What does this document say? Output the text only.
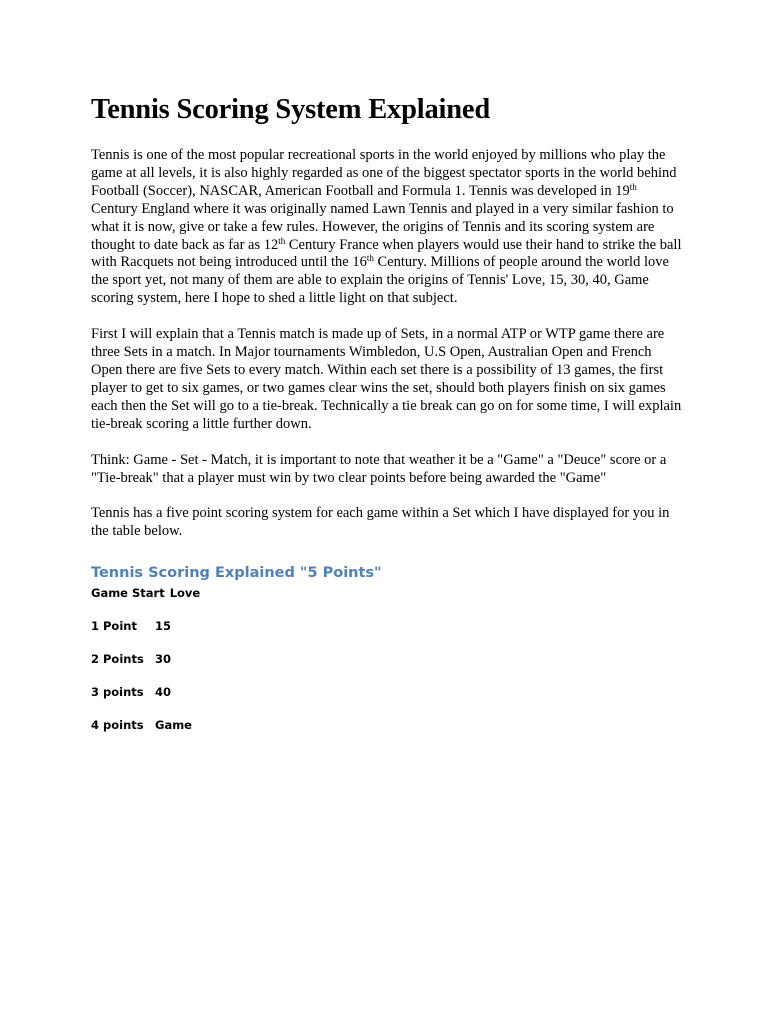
Tennis Scoring System Explained

Tennis is one of the most popular recreational sports in the world enjoyed by millions who play the game at all levels, it is also highly regarded as one of the biggest spectator sports in the world behind Football (Soccer), NASCAR, American Football and Formula 1. Tennis was developed in 19th Century England where it was originally named Lawn Tennis and played in a very similar fashion to what it is now, give or take a few rules. However, the origins of Tennis and its scoring system are thought to date back as far as 12th Century France when players would use their hand to strike the ball with Racquets not being introduced until the 16th Century. Millions of people around the world love the sport yet, not many of them are able to explain the origins of Tennis' Love, 15, 30, 40, Game scoring system, here I hope to shed a little light on that subject.

First I will explain that a Tennis match is made up of Sets, in a normal ATP or WTP game there are three Sets in a match. In Major tournaments Wimbledon, U.S Open, Australian Open and French Open there are five Sets to every match. Within each set there is a possibility of 13 games, the first player to get to six games, or two games clear wins the set, should both players finish on six games each then the Set will go to a tie-break. Technically a tie break can go on for some time, I will explain tie-break scoring a little further down.

Think: Game - Set - Match, it is important to note that weather it be a "Game" a "Deuce" score or a "Tie-break" that a player must win by two clear points before being awarded the "Game"

Tennis has a five point scoring system for each game within a Set which I have displayed for you in the table below.

Tennis Scoring Explained "5 Points"
Game Start Love
1 Point	15
2 Points 30
3 points 40
4 points Game
